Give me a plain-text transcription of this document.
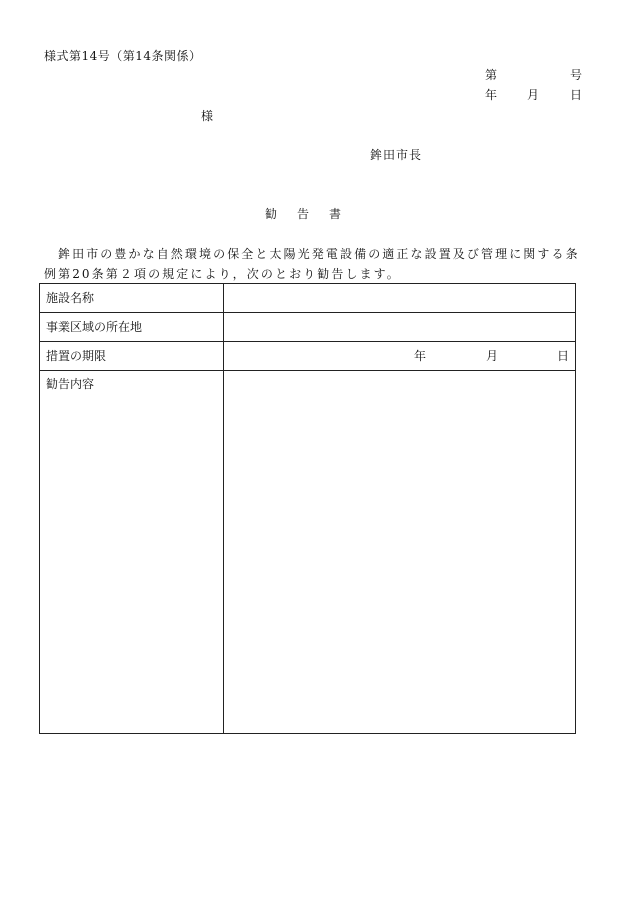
様式第14号（第14条関係）
第	号
年 月	日
様
鉾田市長
勧告書
鉾田市の豊かな自然環境の保全と太陽光発電設備の適正な設置及び管理に関する条例第20条第２項の規定により，次のとおり勧告します。
施設名称	
事業区域の所在地	
措置の期限	年 月 日

勧告内容	
